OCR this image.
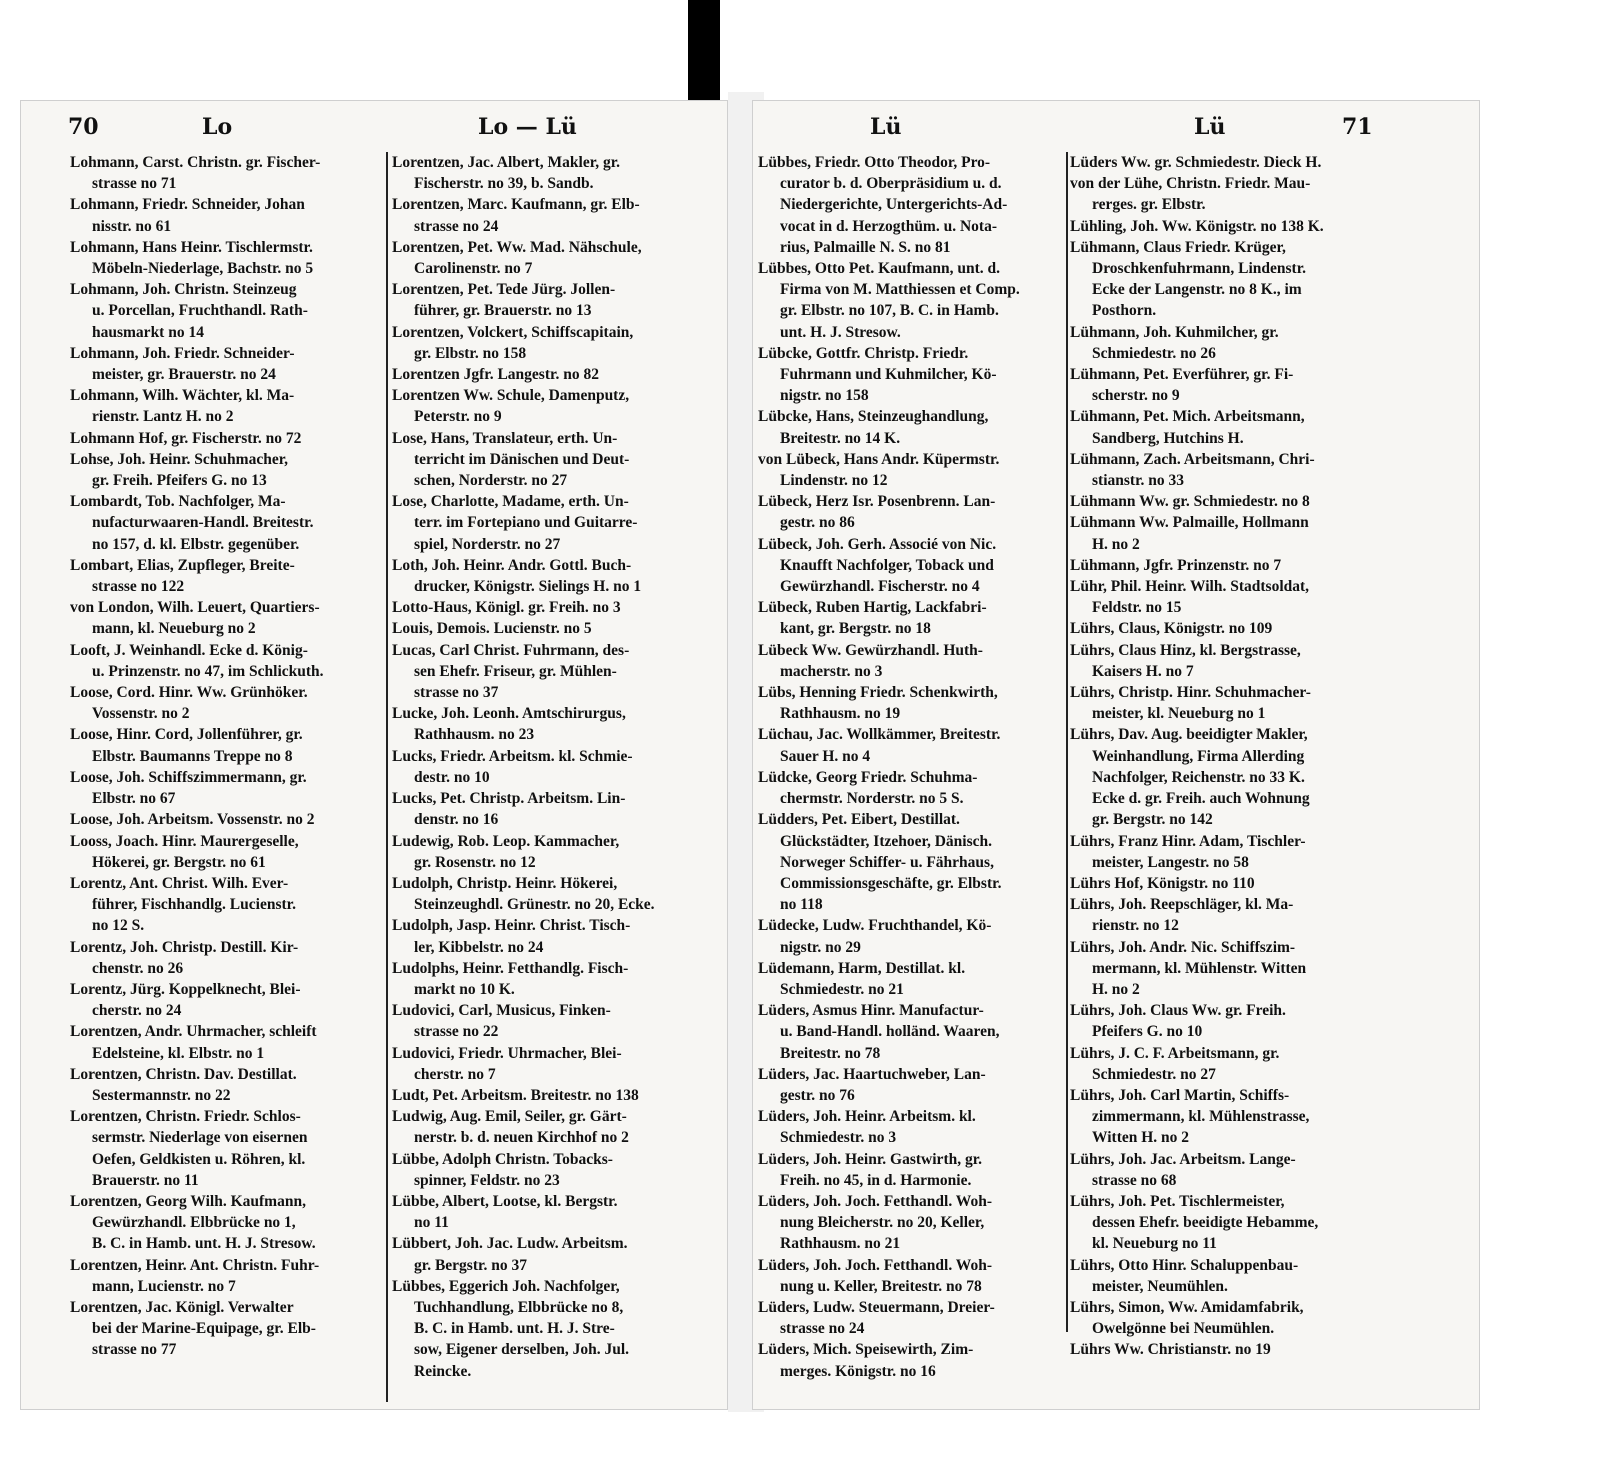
70	Lo	Lo — Lü
Lohmann, Carst. Christn. gr. Fischer-
strasse no 71
Lohmann, Friedr. Schneider, Johan
nisstr. no 61
Lohmann, Hans Heinr. Tischlermstr.
Möbeln-Niederlage, Bachstr. no 5
Lohmann, Joh. Christn. Steinzeug
u. Porcellan, Fruchthandl. Rath-
hausmarkt no 14
Lohmann, Joh. Friedr. Schneider-
meister, gr. Brauerstr. no 24
Lohmann, Wilh. Wächter, kl. Ma-
rienstr. Lantz H. no 2
Lohmann Hof, gr. Fischerstr. no 72
Lohse, Joh. Heinr. Schuhmacher,
gr. Freih. Pfeifers G. no 13
Lombardt, Tob. Nachfolger, Ma-
nufacturwaaren-Handl. Breitestr.
no 157, d. kl. Elbstr. gegenüber.
Lombart, Elias, Zupfleger, Breite-
strasse no 122
von London, Wilh. Leuert, Quartiers-
mann, kl. Neueburg no 2
Looft, J. Weinhandl. Ecke d. König-
u. Prinzenstr. no 47, im Schlickuth.
Loose, Cord. Hinr. Ww. Grünhöker.
Vossenstr. no 2
Loose, Hinr. Cord, Jollenführer, gr.
Elbstr. Baumanns Treppe no 8
Loose, Joh. Schiffszimmermann, gr.
Elbstr. no 67
Loose, Joh. Arbeitsm. Vossenstr. no 2
Looss, Joach. Hinr. Maurergeselle,
Hökerei, gr. Bergstr. no 61
Lorentz, Ant. Christ. Wilh. Ever-
führer, Fischhandlg. Lucienstr.
no 12 S.
Lorentz, Joh. Christp. Destill. Kir-
chenstr. no 26
Lorentz, Jürg. Koppelknecht, Blei-
cherstr. no 24
Lorentzen, Andr. Uhrmacher, schleift
Edelsteine, kl. Elbstr. no 1
Lorentzen, Christn. Dav. Destillat.
Sestermannstr. no 22
Lorentzen, Christn. Friedr. Schlos-
sermstr. Niederlage von eisernen
Oefen, Geldkisten u. Röhren, kl.
Brauerstr. no 11
Lorentzen, Georg Wilh. Kaufmann,
Gewürzhandl. Elbbrücke no 1,
B. C. in Hamb. unt. H. J. Stresow.
Lorentzen, Heinr. Ant. Christn. Fuhr-
mann, Lucienstr. no 7
Lorentzen, Jac. Königl. Verwalter
bei der Marine-Equipage, gr. Elb-
strasse no 77
Lorentzen, Jac. Albert, Makler, gr.
Fischerstr. no 39, b. Sandb.
Lorentzen, Marc. Kaufmann, gr. Elb-
strasse no 24
Lorentzen, Pet. Ww. Mad. Nähschule,
Carolinenstr. no 7
Lorentzen, Pet. Tede Jürg. Jollen-
führer, gr. Brauerstr. no 13
Lorentzen, Volckert, Schiffscapitain,
gr. Elbstr. no 158
Lorentzen Jgfr. Langestr. no 82
Lorentzen Ww. Schule, Damenputz,
Peterstr. no 9
Lose, Hans, Translateur, erth. Un-
terricht im Dänischen und Deut-
schen, Norderstr. no 27
Lose, Charlotte, Madame, erth. Un-
terr. im Fortepiano und Guitarre-
spiel, Norderstr. no 27
Loth, Joh. Heinr. Andr. Gottl. Buch-
drucker, Königstr. Sielings H. no 1
Lotto-Haus, Königl. gr. Freih. no 3
Louis, Demois. Lucienstr. no 5
Lucas, Carl Christ. Fuhrmann, des-
sen Ehefr. Friseur, gr. Mühlen-
strasse no 37
Lucke, Joh. Leonh. Amtschirurgus,
Rathhausm. no 23
Lucks, Friedr. Arbeitsm. kl. Schmie-
destr. no 10
Lucks, Pet. Christp. Arbeitsm. Lin-
denstr. no 16
Ludewig, Rob. Leop. Kammacher,
gr. Rosenstr. no 12
Ludolph, Christp. Heinr. Hökerei,
Steinzeughdl. Grünestr. no 20, Ecke.
Ludolph, Jasp. Heinr. Christ. Tisch-
ler, Kibbelstr. no 24
Ludolphs, Heinr. Fetthandlg. Fisch-
markt no 10 K.
Ludovici, Carl, Musicus, Finken-
strasse no 22
Ludovici, Friedr. Uhrmacher, Blei-
cherstr. no 7
Ludt, Pet. Arbeitsm. Breitestr. no 138
Ludwig, Aug. Emil, Seiler, gr. Gärt-
nerstr. b. d. neuen Kirchhof no 2
Lübbe, Adolph Christn. Tobacks-
spinner, Feldstr. no 23
Lübbe, Albert, Lootse, kl. Bergstr.
no 11
Lübbert, Joh. Jac. Ludw. Arbeitsm.
gr. Bergstr. no 37
Lübbes, Eggerich Joh. Nachfolger,
Tuchhandlung, Elbbrücke no 8,
B. C. in Hamb. unt. H. J. Stre-
sow, Eigener derselben, Joh. Jul.
Reincke.
Lü	Lü	71
Lübbes, Friedr. Otto Theodor, Pro-
curator b. d. Oberpräsidium u. d.
Niedergerichte, Untergerichts-Ad-
vocat in d. Herzogthüm. u. Nota-
rius, Palmaille N. S. no 81
Lübbes, Otto Pet. Kaufmann, unt. d.
Firma von M. Matthiessen et Comp.
gr. Elbstr. no 107, B. C. in Hamb.
unt. H. J. Stresow.
Lübcke, Gottfr. Christp. Friedr.
Fuhrmann und Kuhmilcher, Kö-
nigstr. no 158
Lübcke, Hans, Steinzeughandlung,
Breitestr. no 14 K.
von Lübeck, Hans Andr. Küpermstr.
Lindenstr. no 12
Lübeck, Herz Isr. Posenbrenn. Lan-
gestr. no 86
Lübeck, Joh. Gerh. Associé von Nic.
Knaufft Nachfolger, Toback und
Gewürzhandl. Fischerstr. no 4
Lübeck, Ruben Hartig, Lackfabri-
kant, gr. Bergstr. no 18
Lübeck Ww. Gewürzhandl. Huth-
macherstr. no 3
Lübs, Henning Friedr. Schenkwirth,
Rathhausm. no 19
Lüchau, Jac. Wollkämmer, Breitestr.
Sauer H. no 4
Lüdcke, Georg Friedr. Schuhma-
chermstr. Norderstr. no 5 S.
Lüdders, Pet. Eibert, Destillat.
Glückstädter, Itzehoer, Dänisch.
Norweger Schiffer- u. Fährhaus,
Commissionsgeschäfte, gr. Elbstr.
no 118
Lüdecke, Ludw. Fruchthandel, Kö-
nigstr. no 29
Lüdemann, Harm, Destillat. kl.
Schmiedestr. no 21
Lüders, Asmus Hinr. Manufactur-
u. Band-Handl. holländ. Waaren,
Breitestr. no 78
Lüders, Jac. Haartuchweber, Lan-
gestr. no 76
Lüders, Joh. Heinr. Arbeitsm. kl.
Schmiedestr. no 3
Lüders, Joh. Heinr. Gastwirth, gr.
Freih. no 45, in d. Harmonie.
Lüders, Joh. Joch. Fetthandl. Woh-
nung Bleicherstr. no 20, Keller,
Rathhausm. no 21
Lüders, Joh. Joch. Fetthandl. Woh-
nung u. Keller, Breitestr. no 78
Lüders, Ludw. Steuermann, Dreier-
strasse no 24
Lüders, Mich. Speisewirth, Zim-
merges. Königstr. no 16
Lüders Ww. gr. Schmiedestr. Dieck H.
von der Lühe, Christn. Friedr. Mau-
rerges. gr. Elbstr.
Lühling, Joh. Ww. Königstr. no 138 K.
Lühmann, Claus Friedr. Krüger,
Droschkenfuhrmann, Lindenstr.
Ecke der Langenstr. no 8 K., im
Posthorn.
Lühmann, Joh. Kuhmilcher, gr.
Schmiedestr. no 26
Lühmann, Pet. Everführer, gr. Fi-
scherstr. no 9
Lühmann, Pet. Mich. Arbeitsmann,
Sandberg, Hutchins H.
Lühmann, Zach. Arbeitsmann, Chri-
stianstr. no 33
Lühmann Ww. gr. Schmiedestr. no 8
Lühmann Ww. Palmaille, Hollmann
H. no 2
Lühmann, Jgfr. Prinzenstr. no 7
Lühr, Phil. Heinr. Wilh. Stadtsoldat,
Feldstr. no 15
Lührs, Claus, Königstr. no 109
Lührs, Claus Hinz, kl. Bergstrasse,
Kaisers H. no 7
Lührs, Christp. Hinr. Schuhmacher-
meister, kl. Neueburg no 1
Lührs, Dav. Aug. beeidigter Makler,
Weinhandlung, Firma Allerding
Nachfolger, Reichenstr. no 33 K.
Ecke d. gr. Freih. auch Wohnung
gr. Bergstr. no 142
Lührs, Franz Hinr. Adam, Tischler-
meister, Langestr. no 58
Lührs Hof, Königstr. no 110
Lührs, Joh. Reepschläger, kl. Ma-
rienstr. no 12
Lührs, Joh. Andr. Nic. Schiffszim-
mermann, kl. Mühlenstr. Witten
H. no 2
Lührs, Joh. Claus Ww. gr. Freih.
Pfeifers G. no 10
Lührs, J. C. F. Arbeitsmann, gr.
Schmiedestr. no 27
Lührs, Joh. Carl Martin, Schiffs-
zimmermann, kl. Mühlenstrasse,
Witten H. no 2
Lührs, Joh. Jac. Arbeitsm. Lange-
strasse no 68
Lührs, Joh. Pet. Tischlermeister,
dessen Ehefr. beeidigte Hebamme,
kl. Neueburg no 11
Lührs, Otto Hinr. Schaluppenbau-
meister, Neumühlen.
Lührs, Simon, Ww. Amidamfabrik,
Owelgönne bei Neumühlen.
Lührs Ww. Christianstr. no 19
